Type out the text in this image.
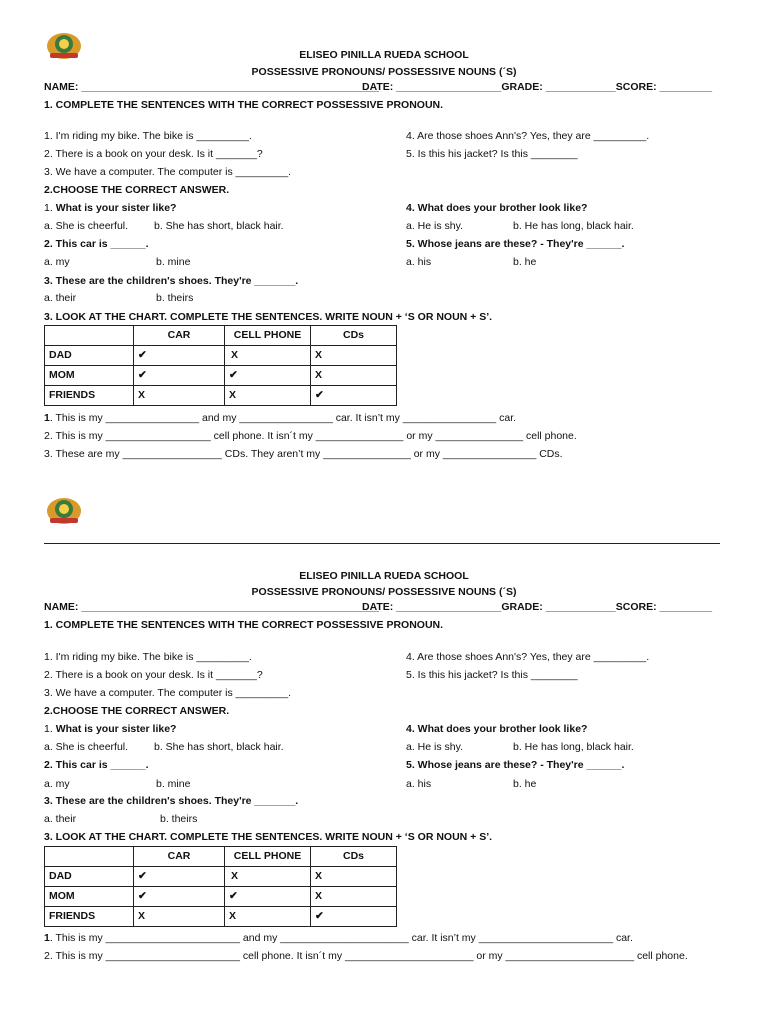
ELISEO PINILLA RUEDA SCHOOL
POSSESSIVE PRONOUNS/ POSSESSIVE NOUNS (´S)
NAME: ___________________________________________________
DATE: __________________GRADE: ____________SCORE: _________
1. COMPLETE THE SENTENCES WITH THE CORRECT POSSESSIVE PRONOUN.
1. I'm riding my bike. The bike is _________.
2. There is a book on your desk. Is it _______?
3. We have a computer. The computer is _________.
4. Are those shoes Ann's? Yes, they are _________.
5. Is this his jacket? Is this ________
2.CHOOSE THE CORRECT ANSWER.
1. What is your sister like?	4. What does your brother look like?
a. She is cheerful. b. She has short, black hair.	a. He is shy.	b. He has long, black hair.
2. This car is ______.	5. Whose jeans are these? - They're ______.
a. my	b. mine	a. his	b. he
3. These are the children's shoes. They're _______.
a. their	b. theirs
3. LOOK AT THE CHART. COMPLETE THE SENTENCES. WRITE NOUN + ‘S OR NOUN + S’.
	CAR	CELL PHONE	CDs
DAD	✔	X	X
MOM	✔	✔	X
FRIENDS	X	X	✔
1. This is my ________________ and my ________________ car. It isn’t my ________________ car.
2. This is my __________________ cell phone. It isn´t my _______________ or my _______________ cell phone.
3. These are my _________________ CDs. They aren’t my _______________ or my ________________ CDs.
ELISEO PINILLA RUEDA SCHOOL
POSSESSIVE PRONOUNS/ POSSESSIVE NOUNS (´S)
NAME: ___________________________________________________
DATE: __________________GRADE: ____________SCORE: _________
1. COMPLETE THE SENTENCES WITH THE CORRECT POSSESSIVE PRONOUN.
1. I'm riding my bike. The bike is _________.
2. There is a book on your desk. Is it _______?
3. We have a computer. The computer is _________.
4. Are those shoes Ann's? Yes, they are _________.
5. Is this his jacket? Is this ________
2.CHOOSE THE CORRECT ANSWER.
1. What is your sister like?	4. What does your brother look like?
a. She is cheerful. b. She has short, black hair.	a. He is shy.	b. He has long, black hair.
2. This car is ______.	5. Whose jeans are these? - They're ______.
a. my	b. mine	a. his	b. he
3. These are the children's shoes. They're _______.
a. their	b. theirs
3. LOOK AT THE CHART. COMPLETE THE SENTENCES. WRITE NOUN + ‘S OR NOUN + S’.
	CAR	CELL PHONE	CDs
DAD	✔	X	X
MOM	✔	✔	X
FRIENDS	X	X	✔
1. This is my _______________________ and my ______________________ car. It isn’t my _______________________ car.
2. This is my _______________________ cell phone. It isn´t my ______________________ or my ______________________ cell phone.
